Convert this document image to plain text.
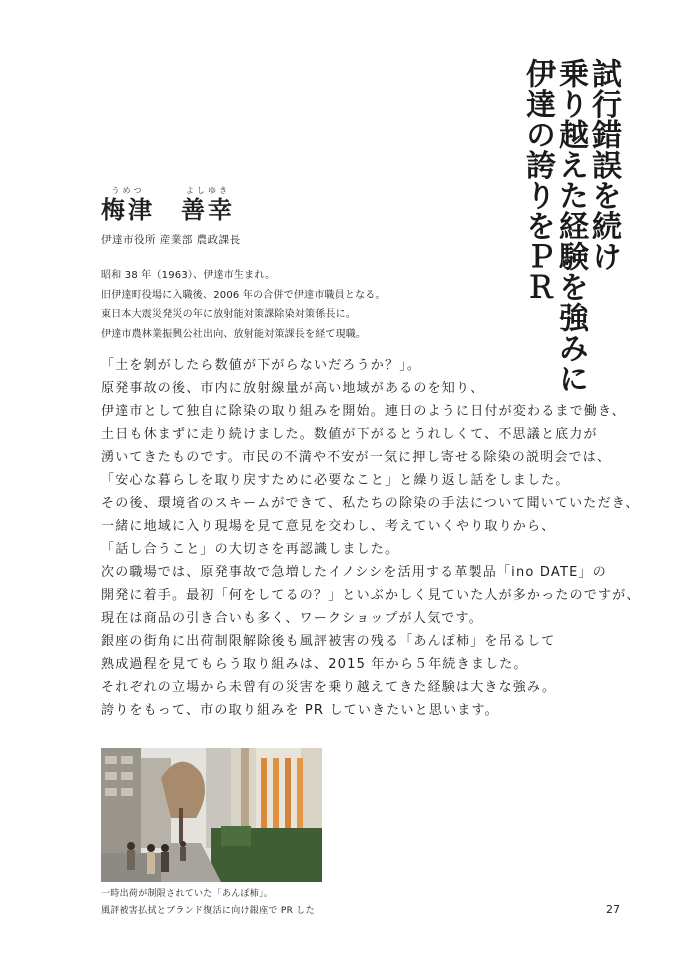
試行錯誤を続け
乗り越えた経験を強みに
伊達の誇りをＰＲ
うめつ
梅津
よしゆき
善幸
伊達市役所 産業部 農政課長
昭和 38 年（1963）、伊達市生まれ。
旧伊達町役場に入職後、2006 年の合併で伊達市職員となる。
東日本大震災発災の年に放射能対策課除染対策係長に。
伊達市農林業振興公社出向、放射能対策課長を経て現職。
「土を剝がしたら数値が下がらないだろうか？」。
原発事故の後、市内に放射線量が高い地域があるのを知り、
伊達市として独自に除染の取り組みを開始。連日のように日付が変わるまで働き、
土日も休まずに走り続けました。数値が下がるとうれしくて、不思議と底力が
湧いてきたものです。市民の不満や不安が一気に押し寄せる除染の説明会では、
「安心な暮らしを取り戻すために必要なこと」と繰り返し話をしました。
その後、環境省のスキームができて、私たちの除染の手法について聞いていただき、
一緒に地域に入り現場を見て意見を交わし、考えていくやり取りから、
「話し合うこと」の大切さを再認識しました。
次の職場では、原発事故で急増したイノシシを活用する革製品「ino DATE」の
開発に着手。最初「何をしてるの？」といぶかしく見ていた人が多かったのですが、
現在は商品の引き合いも多く、ワークショップが人気です。
銀座の街角に出荷制限解除後も風評被害の残る「あんぽ柿」を吊るして
熟成過程を見てもらう取り組みは、2015 年から５年続きました。
それぞれの立場から未曾有の災害を乗り越えてきた経験は大きな強み。
誇りをもって、市の取り組みを PR していきたいと思います。
一時出荷が制限されていた「あんぽ柿」。
風評被害払拭とブランド復活に向け銀座で PR した	27
